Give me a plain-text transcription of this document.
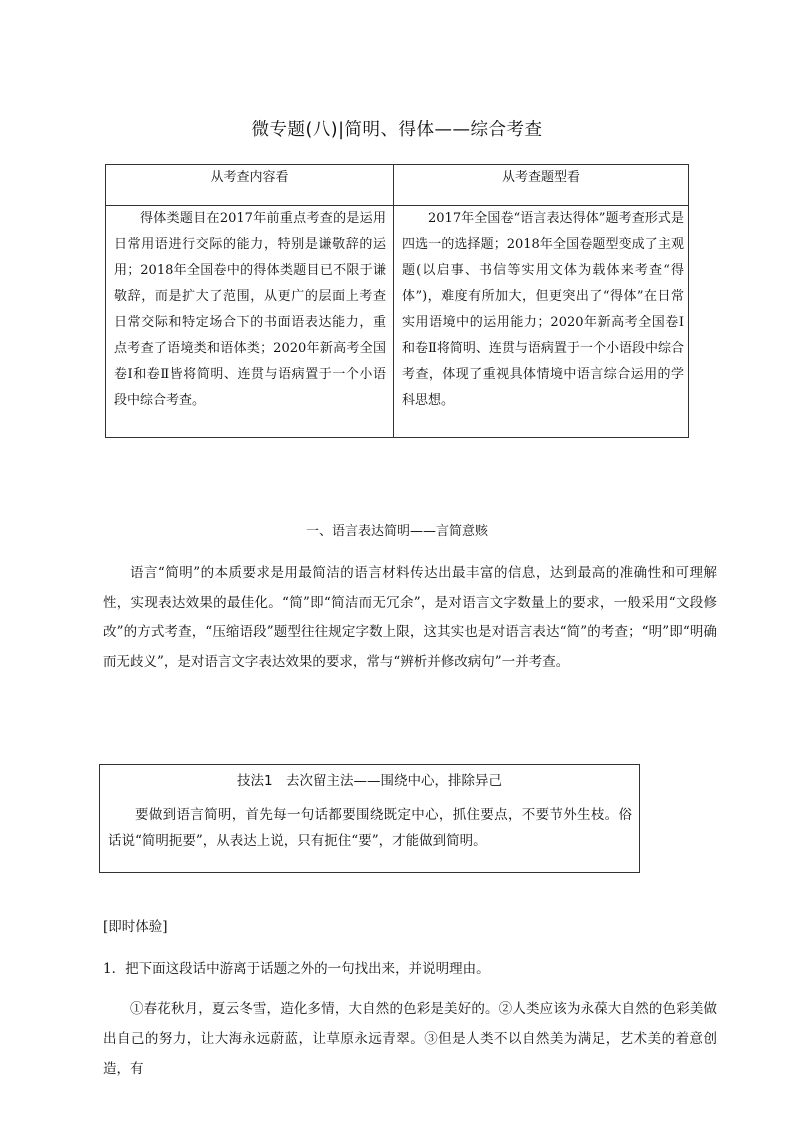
微专题(八)|简明、得体——综合考查
从考查内容看	从考查题型看
得体类题目在2017年前重点考查的是运用日常用语进行交际的能力，特别是谦敬辞的运用；2018年全国卷中的得体类题目已不限于谦敬辞，而是扩大了范围，从更广的层面上考查日常交际和特定场合下的书面语表达能力，重点考查了语境类和语体类；2020年新高考全国卷Ⅰ和卷Ⅱ皆将简明、连贯与语病置于一个小语段中综合考查。
2017年全国卷“语言表达得体”题考查形式是四选一的选择题；2018年全国卷题型变成了主观题(以启事、书信等实用文体为载体来考查“得体”)，难度有所加大，但更突出了“得体”在日常实用语境中的运用能力；2020年新高考全国卷Ⅰ和卷Ⅱ将简明、连贯与语病置于一个小语段中综合考查，体现了重视具体情境中语言综合运用的学科思想。
一、语言表达简明——言简意赅
语言“简明”的本质要求是用最简洁的语言材料传达出最丰富的信息，达到最高的准确性和可理解性，实现表达效果的最佳化。“简”即“简洁而无冗余”，是对语言文字数量上的要求，一般采用“文段修改”的方式考查，“压缩语段”题型往往规定字数上限，这其实也是对语言表达“简”的考查；“明”即“明确而无歧义”，是对语言文字表达效果的要求，常与“辨析并修改病句”一并考查。
技法1　去次留主法——围绕中心，排除异己
要做到语言简明，首先每一句话都要围绕既定中心，抓住要点，不要节外生枝。俗话说“简明扼要”，从表达上说，只有扼住“要”，才能做到简明。
[即时体验]
1．把下面这段话中游离于话题之外的一句找出来，并说明理由。
①春花秋月，夏云冬雪，造化多情，大自然的色彩是美好的。②人类应该为永葆大自然的色彩美做出自己的努力，让大海永远蔚蓝，让草原永远青翠。③但是人类不以自然美为满足，艺术美的着意创造，有
